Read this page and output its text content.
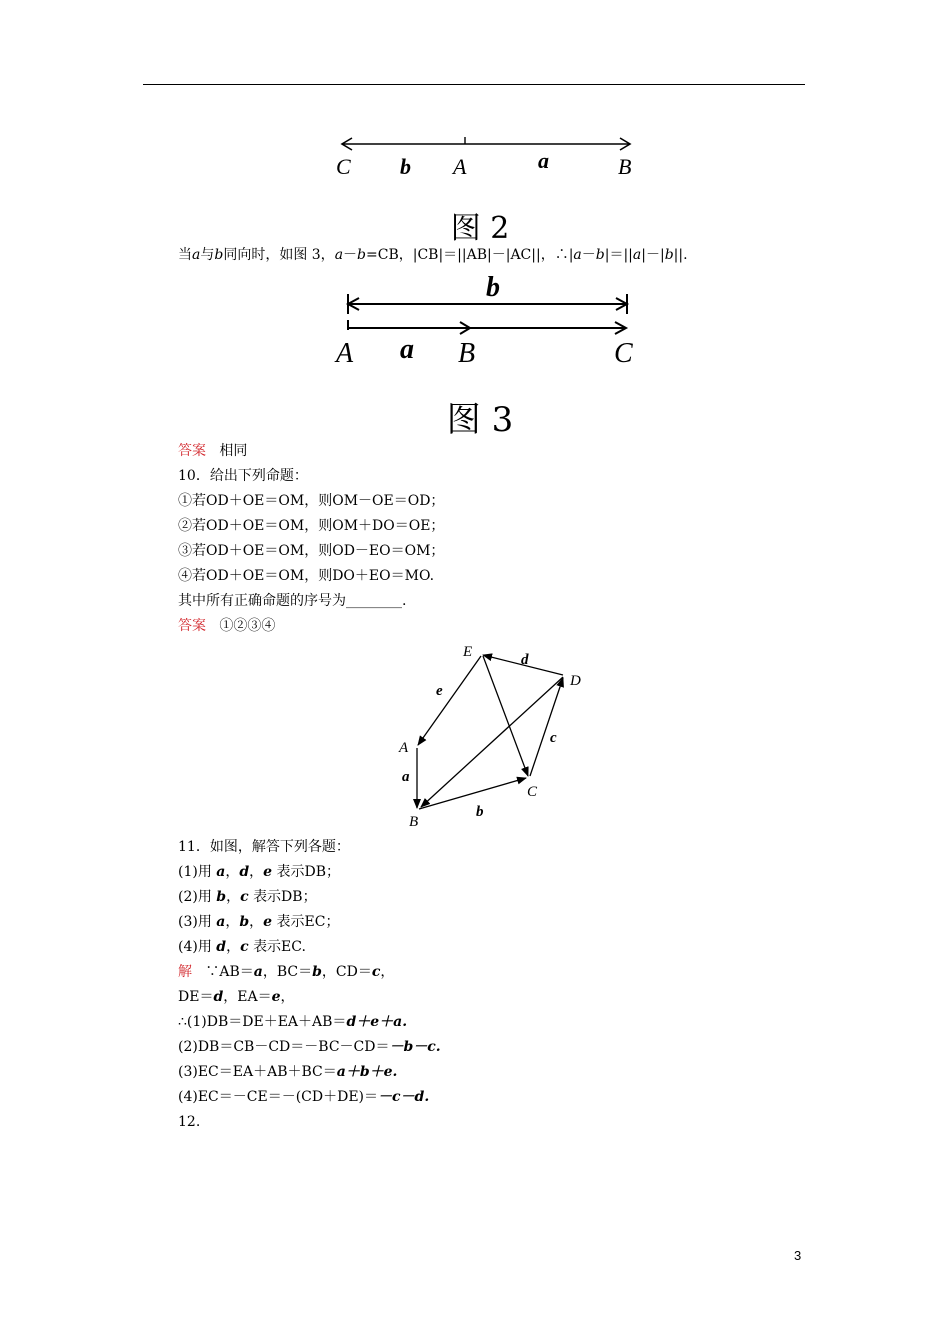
C b A	a	B
图 2
当a与b同向时，如图 3，a－b=CB，|CB|＝||AB|－|AC||，∴|a－b|＝||a|－|b||.
b
A a B	C
图 3
答案 相同
10．给出下列命题：
①若OD＋OE＝OM，则OM－OE＝OD；
②若OD＋OE＝OM，则OM＋DO＝OE；
③若OD＋OE＝OM，则OD－EO＝OM；
④若OD＋OE＝OM，则DO＋EO＝MO.
其中所有正确命题的序号为________.
答案 ①②③④
E	d
D
e
c
A
a
C
b
B
11．如图，解答下列各题：
(1)用 a，d，e 表示DB；
(2)用 b，c 表示DB；
(3)用 a，b，e 表示EC；
(4)用 d，c 表示EC.
解 ∵AB＝a，BC＝b，CD＝c，
DE＝d，EA＝e，
∴(1)DB＝DE＋EA＋AB＝d＋e＋a.
(2)DB＝CB－CD＝－BC－CD＝－b－c.
(3)EC＝EA＋AB＋BC＝a＋b＋e.
(4)EC＝－CE＝－(CD＋DE)＝－c－d.
12.
3
